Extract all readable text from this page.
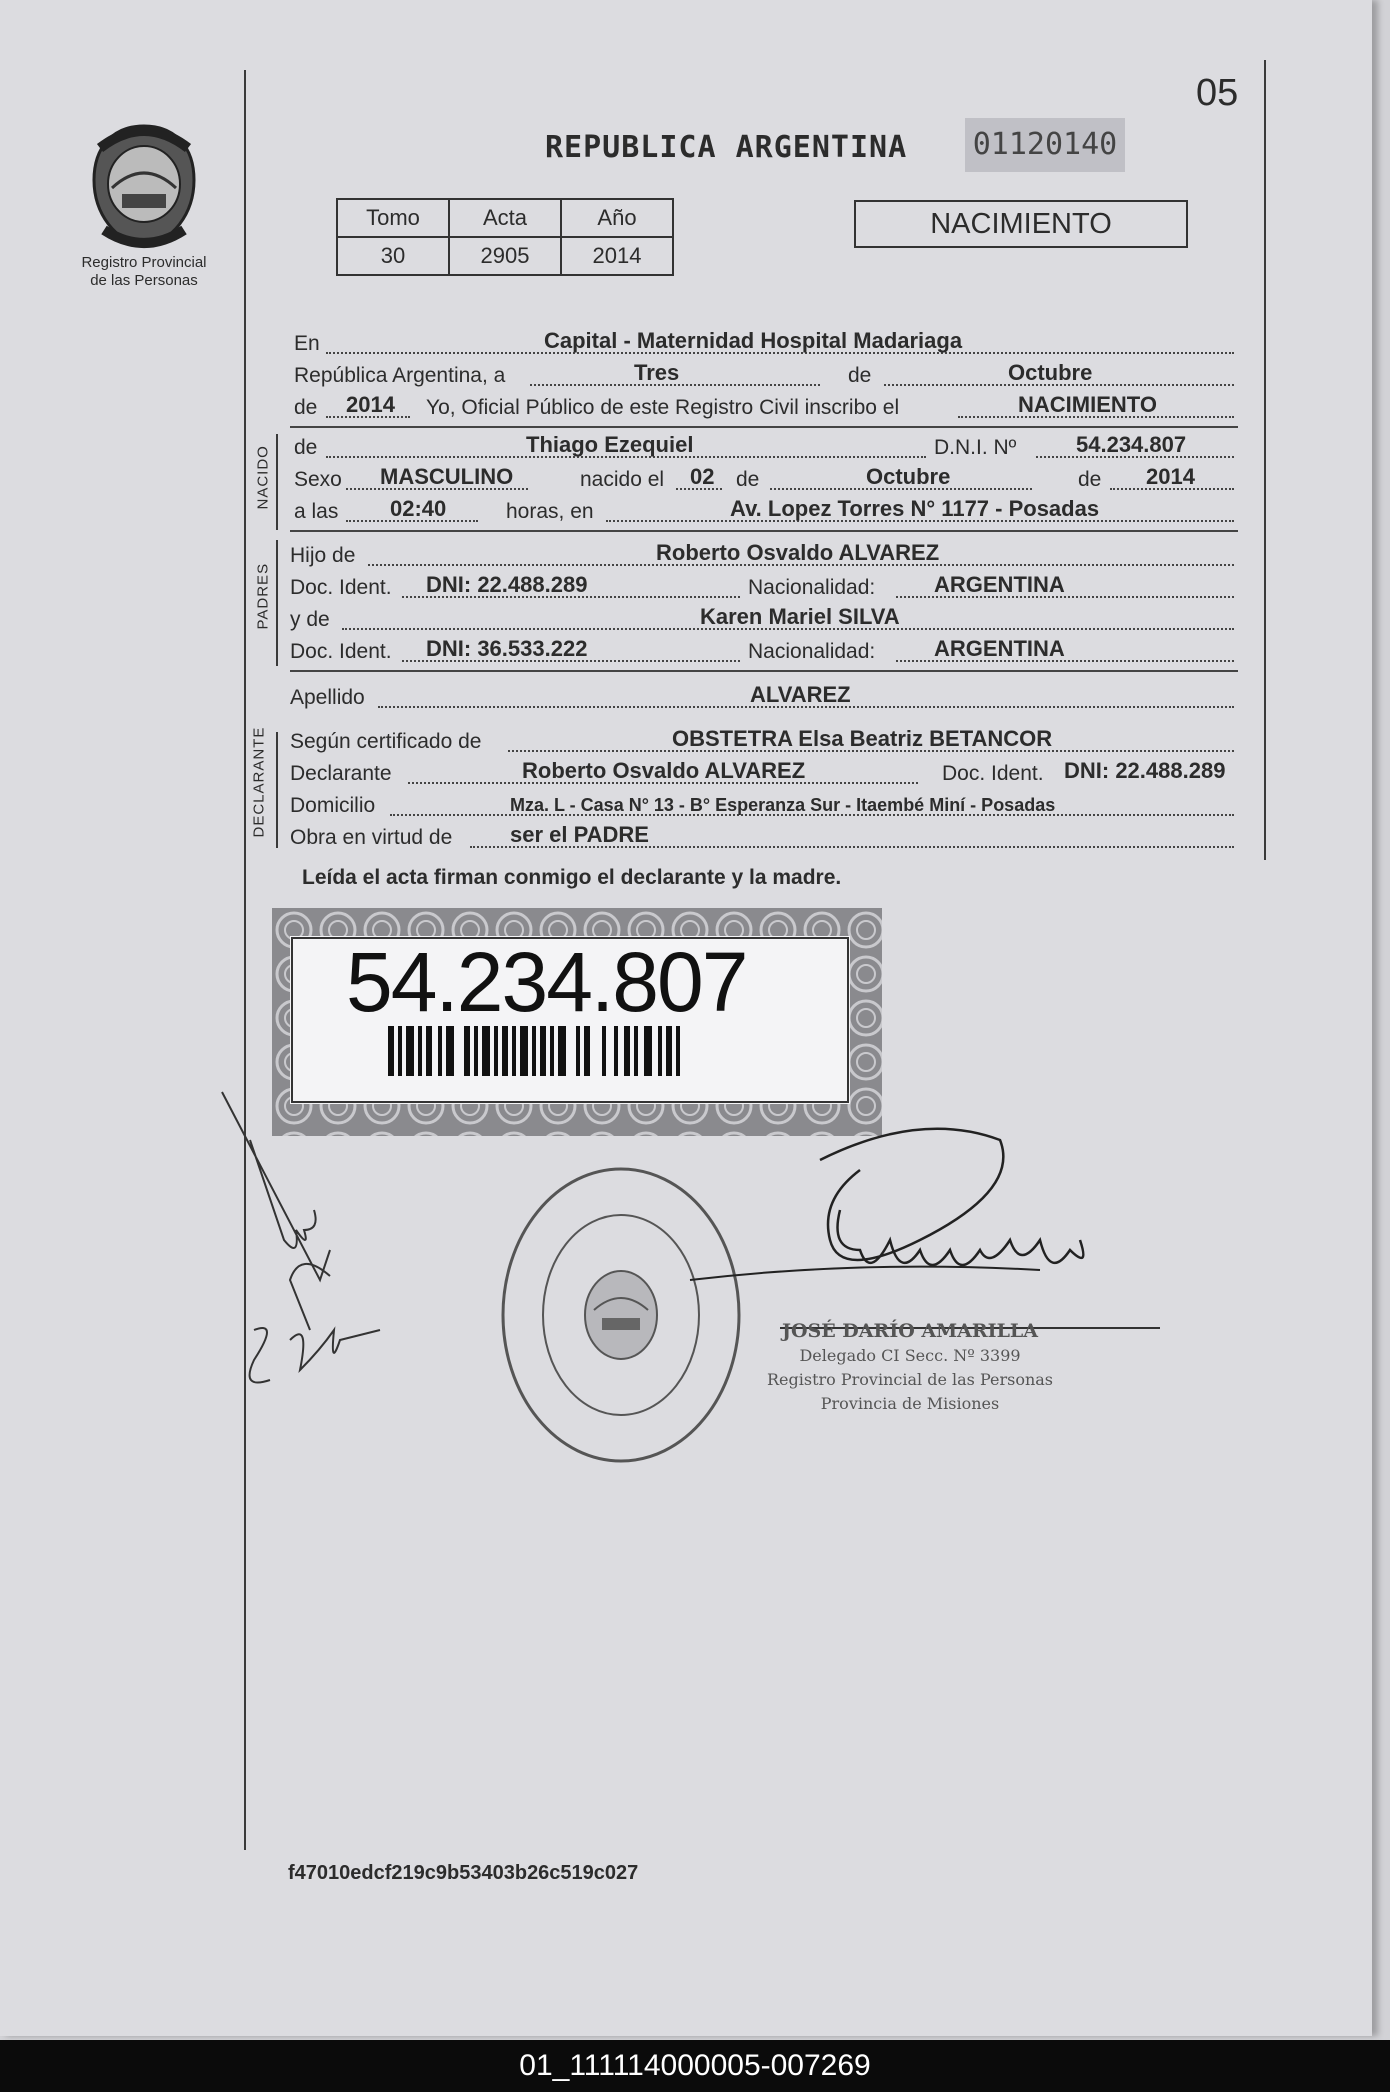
05
Registro Provincial
de las Personas
REPUBLICA ARGENTINA 01120140
Tomo	Acta	Año
30	2905	2014
NACIMIENTO
En	Capital - Maternidad Hospital Madariaga
República Argentina, a	Tres	de	Octubre
de 2014 Yo, Oficial Público de este Registro Civil inscribo el	NACIMIENTO
NACIDO de	Thiago Ezequiel	D.N.I. Nº	54.234.807
Sexo MASCULINO	nacido el 02 de	Octubre	de 2014
a las 02:40	horas, en	Av. Lopez Torres N° 1177 - Posadas
PADRES
Hijo de	Roberto Osvaldo ALVAREZ
Doc. Ident. DNI: 22.488.289	Nacionalidad:	ARGENTINA
y de	Karen Mariel SILVA
Doc. Ident. DNI: 36.533.222	Nacionalidad:	ARGENTINA
Apellido	ALVAREZ
DECLARANTE Según certificado de	OBSTETRA Elsa Beatriz BETANCOR
Declarante	Roberto Osvaldo ALVAREZ	Doc. Ident. DNI: 22.488.289
Domicilio	Mza. L - Casa N° 13 - B° Esperanza Sur - Itaembé Miní - Posadas
Obra en virtud de	ser el PADRE
Leída el acta firman conmigo el declarante y la madre.
54.234.807
JOSÉ DARÍO AMARILLA
Delegado CI Secc. Nº 3399
Registro Provincial de las Personas
Provincia de Misiones
f47010edcf219c9b53403b26c519c027
01_111114000005-007269
